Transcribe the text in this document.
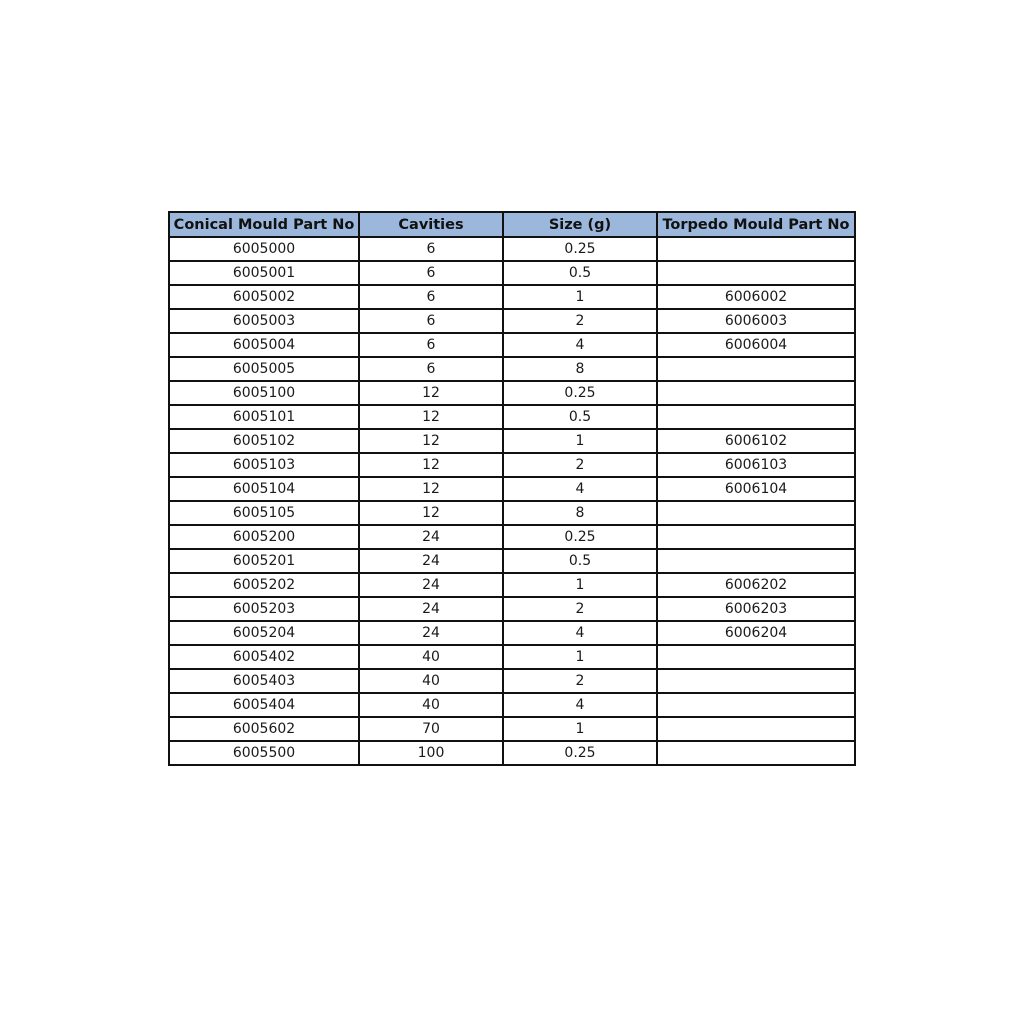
Conical Mould Part No	Cavities	Size (g)	Torpedo Mould Part No
6005000	6	0.25	
6005001	6	0.5	
6005002	6	1	6006002
6005003	6	2	6006003
6005004	6	4	6006004
6005005	6	8	
6005100	12	0.25	
6005101	12	0.5	
6005102	12	1	6006102
6005103	12	2	6006103
6005104	12	4	6006104
6005105	12	8	
6005200	24	0.25	
6005201	24	0.5	
6005202	24	1	6006202
6005203	24	2	6006203
6005204	24	4	6006204
6005402	40	1	
6005403	40	2	
6005404	40	4	
6005602	70	1	
6005500	100	0.25	
